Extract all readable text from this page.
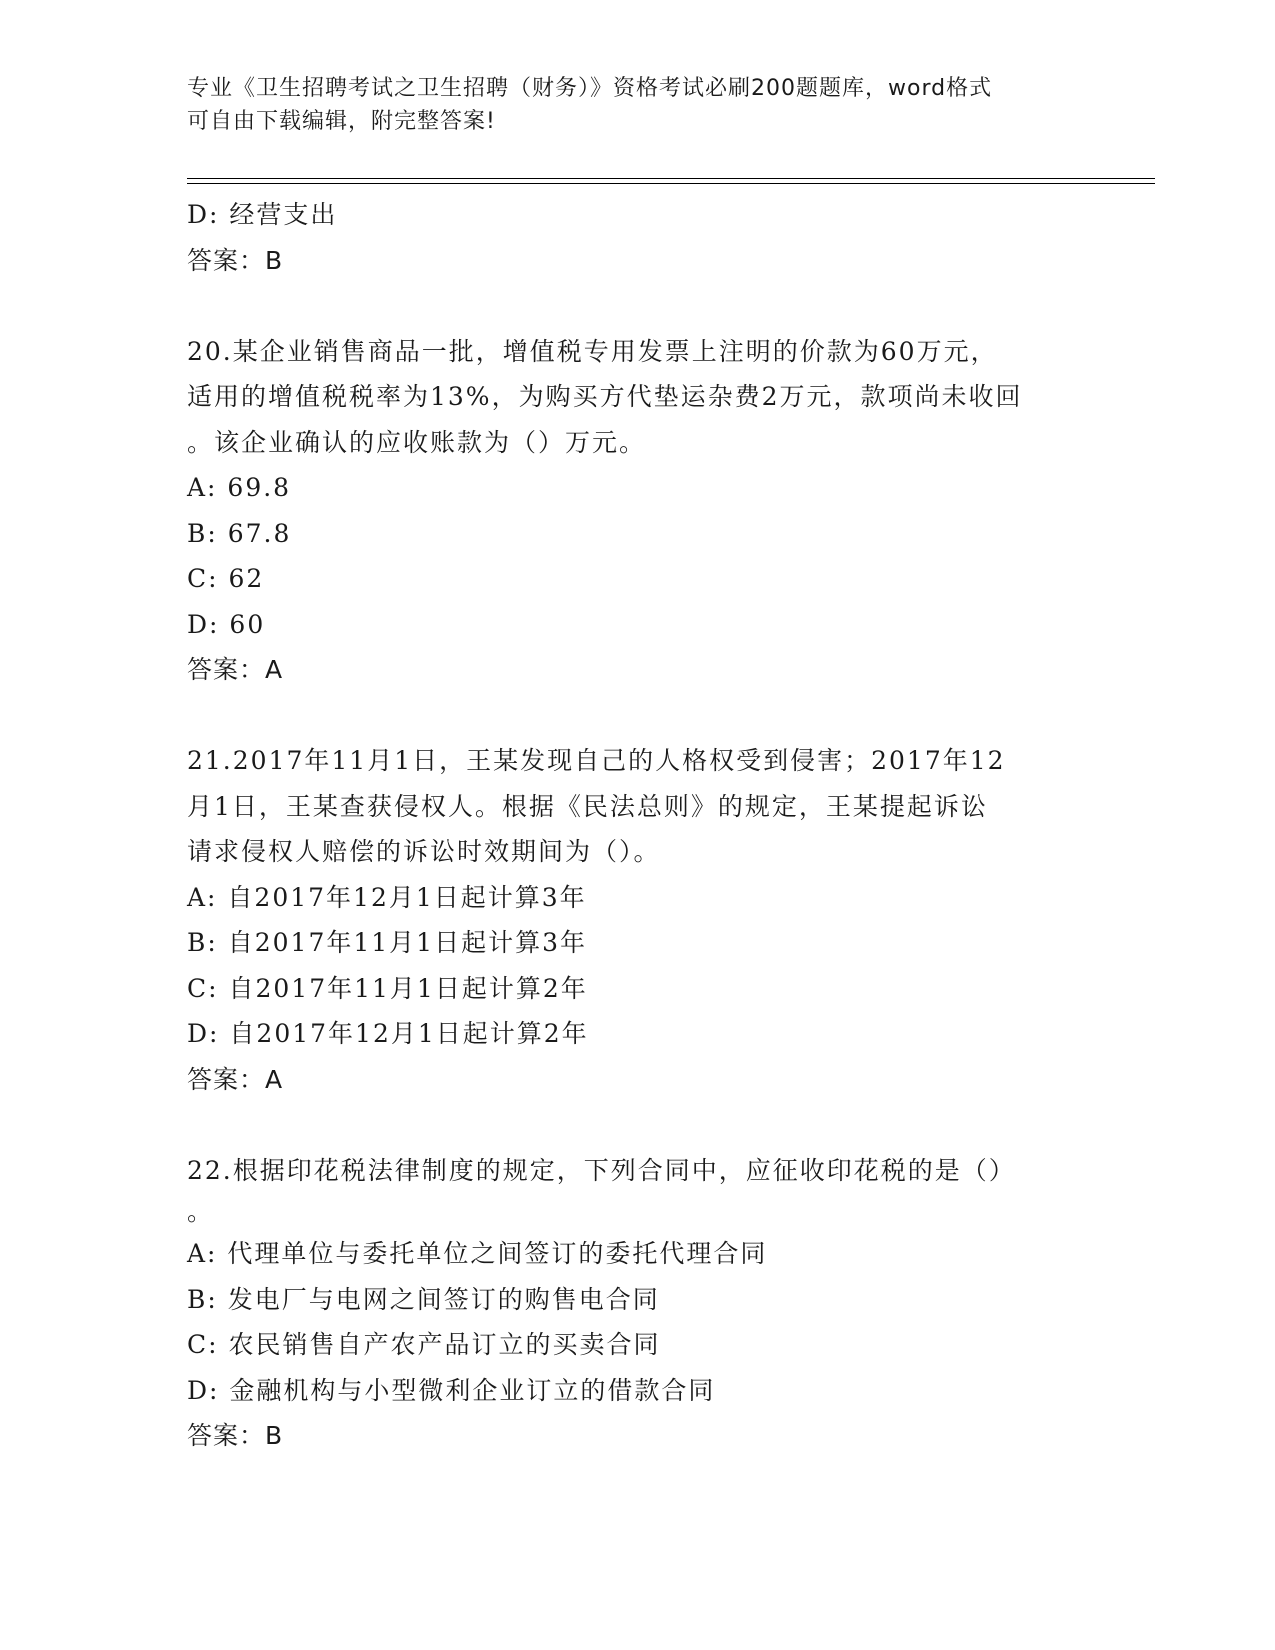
专业《卫生招聘考试之卫生招聘（财务）》资格考试必刷200题题库，word格式
可自由下载编辑，附完整答案!
D: 经营支出
答案：B
20.某企业销售商品一批，增值税专用发票上注明的价款为60万元，
适用的增值税税率为13%，为购买方代垫运杂费2万元，款项尚未收回
。该企业确认的应收账款为（）万元。
A: 69.8
B: 67.8
C: 62
D: 60
答案：A
21.2017年11月1日，王某发现自己的人格权受到侵害；2017年12
月1日，王某查获侵权人。根据《民法总则》的规定，王某提起诉讼
请求侵权人赔偿的诉讼时效期间为（）。
A: 自2017年12月1日起计算3年
B: 自2017年11月1日起计算3年
C: 自2017年11月1日起计算2年
D: 自2017年12月1日起计算2年
答案：A
22.根据印花税法律制度的规定，下列合同中，应征收印花税的是（）
。
A: 代理单位与委托单位之间签订的委托代理合同
B: 发电厂与电网之间签订的购售电合同
C: 农民销售自产农产品订立的买卖合同
D: 金融机构与小型微利企业订立的借款合同
答案：B
